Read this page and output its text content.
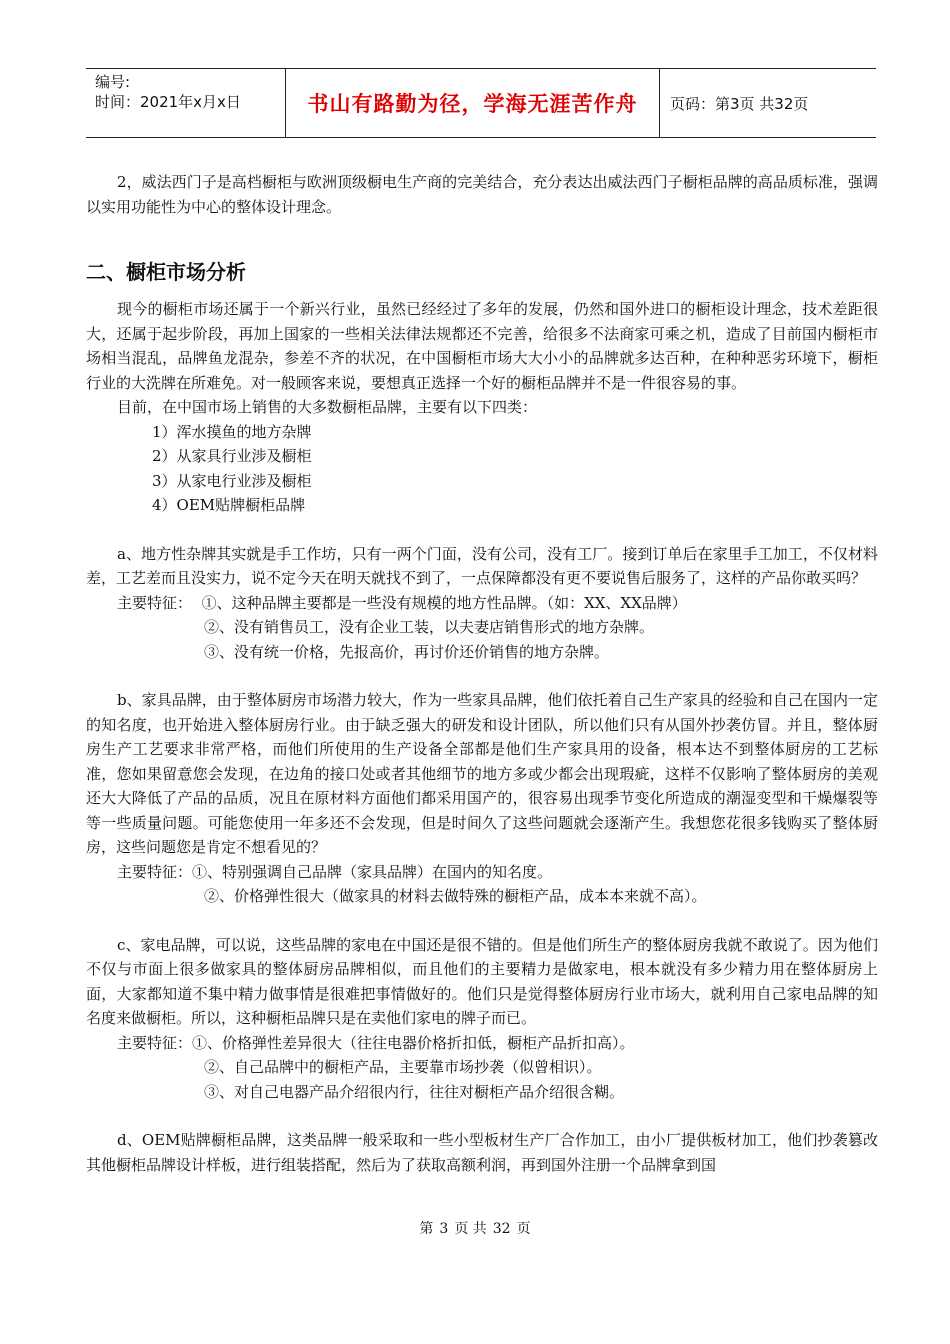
编号:
时间：2021年x月x日	书山有路勤为径，学海无涯苦作舟 页码：第3页 共32页

2，威法西门子是高档橱柜与欧洲顶级橱电生产商的完美结合，充分表达出威法西门子橱柜品牌的高品质标准，强调以实用功能性为中心的整体设计理念。

二、橱柜市场分析

现今的橱柜市场还属于一个新兴行业，虽然已经经过了多年的发展，仍然和国外进口的橱柜设计理念，技术差距很大，还属于起步阶段，再加上国家的一些相关法律法规都还不完善，给很多不法商家可乘之机，造成了目前国内橱柜市场相当混乱，品牌鱼龙混杂，参差不齐的状况，在中国橱柜市场大大小小的品牌就多达百种，在种种恶劣环境下，橱柜行业的大洗牌在所难免。对一般顾客来说，要想真正选择一个好的橱柜品牌并不是一件很容易的事。

目前，在中国市场上销售的大多数橱柜品牌，主要有以下四类：

1）浑水摸鱼的地方杂牌
2）从家具行业涉及橱柜
3）从家电行业涉及橱柜
4）OEM贴牌橱柜品牌

a、地方性杂牌其实就是手工作坊，只有一两个门面，没有公司，没有工厂。接到订单后在家里手工加工，不仅材料差，工艺差而且没实力，说不定今天在明天就找不到了，一点保障都没有更不要说售后服务了，这样的产品你敢买吗？

主要特征： ①、这种品牌主要都是一些没有规模的地方性品牌。（如：XX、XX品牌）
②、没有销售员工，没有企业工装，以夫妻店销售形式的地方杂牌。
③、没有统一价格，先报高价，再讨价还价销售的地方杂牌。

b、家具品牌，由于整体厨房市场潜力较大，作为一些家具品牌，他们依托着自己生产家具的经验和自己在国内一定的知名度，也开始进入整体厨房行业。由于缺乏强大的研发和设计团队，所以他们只有从国外抄袭仿冒。并且，整体厨房生产工艺要求非常严格，而他们所使用的生产设备全部都是他们生产家具用的设备，根本达不到整体厨房的工艺标准，您如果留意您会发现，在边角的接口处或者其他细节的地方多或少都会出现瑕疵，这样不仅影响了整体厨房的美观还大大降低了产品的品质，况且在原材料方面他们都采用国产的，很容易出现季节变化所造成的潮湿变型和干燥爆裂等等一些质量问题。可能您使用一年多还不会发现，但是时间久了这些问题就会逐渐产生。我想您花很多钱购买了整体厨房，这些问题您是肯定不想看见的？

主要特征：①、特别强调自己品牌（家具品牌）在国内的知名度。
②、价格弹性很大（做家具的材料去做特殊的橱柜产品，成本本来就不高）。

c、家电品牌，可以说，这些品牌的家电在中国还是很不错的。但是他们所生产的整体厨房我就不敢说了。因为他们不仅与市面上很多做家具的整体厨房品牌相似，而且他们的主要精力是做家电，根本就没有多少精力用在整体厨房上面，大家都知道不集中精力做事情是很难把事情做好的。他们只是觉得整体厨房行业市场大，就利用自己家电品牌的知名度来做橱柜。所以，这种橱柜品牌只是在卖他们家电的牌子而已。

主要特征：①、价格弹性差异很大（往往电器价格折扣低，橱柜产品折扣高）。
②、自己品牌中的橱柜产品，主要靠市场抄袭（似曾相识）。
③、对自己电器产品介绍很内行，往往对橱柜产品介绍很含糊。

d、OEM贴牌橱柜品牌，这类品牌一般采取和一些小型板材生产厂合作加工，由小厂提供板材加工，他们抄袭篡改其他橱柜品牌设计样板，进行组装搭配，然后为了获取高额利润，再到国外注册一个品牌拿到国

第 3 页 共 32 页
